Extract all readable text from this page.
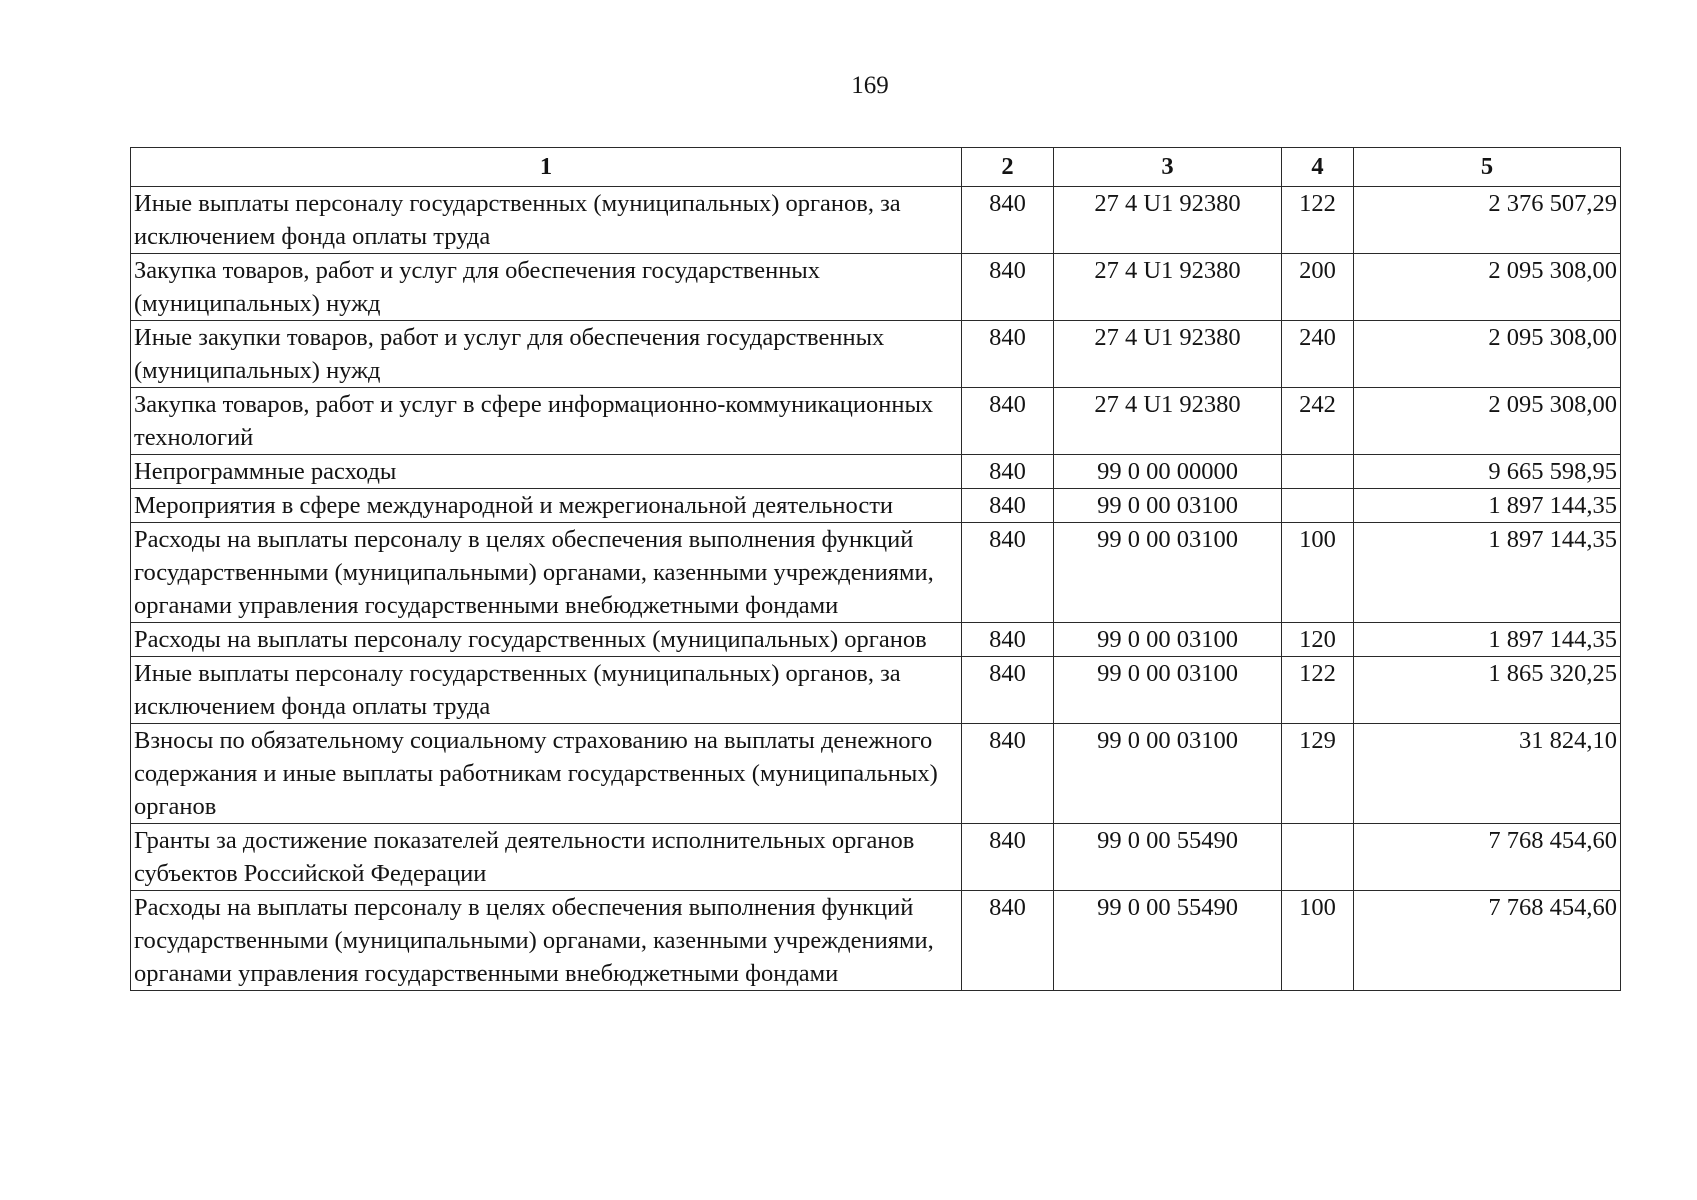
169
1	2	3	4	5
Иные выплаты персоналу государственных (муниципальных) органов, за исключением фонда оплаты труда	840	27 4 U1 92380	122	2 376 507,29
Закупка товаров, работ и услуг для обеспечения государственных (муниципальных) нужд	840	27 4 U1 92380	200	2 095 308,00
Иные закупки товаров, работ и услуг для обеспечения государственных (муниципальных) нужд	840	27 4 U1 92380	240	2 095 308,00
Закупка товаров, работ и услуг в сфере информационно-коммуникационных технологий	840	27 4 U1 92380	242	2 095 308,00
Непрограммные расходы	840	99 0 00 00000		9 665 598,95
Мероприятия в сфере международной и межрегиональной деятельности	840	99 0 00 03100		1 897 144,35
Расходы на выплаты персоналу в целях обеспечения выполнения функций государственными (муниципальными) органами, казенными учреждениями, органами управления государственными внебюджетными фондами	840	99 0 00 03100	100	1 897 144,35
Расходы на выплаты персоналу государственных (муниципальных) органов	840	99 0 00 03100	120	1 897 144,35
Иные выплаты персоналу государственных (муниципальных) органов, за исключением фонда оплаты труда	840	99 0 00 03100	122	1 865 320,25
Взносы по обязательному социальному страхованию на выплаты денежного содержания и иные выплаты работникам государственных (муниципальных) органов	840	99 0 00 03100	129	31 824,10
Гранты за достижение показателей деятельности исполнительных органов субъектов Российской Федерации	840	99 0 00 55490		7 768 454,60
Расходы на выплаты персоналу в целях обеспечения выполнения функций государственными (муниципальными) органами, казенными учреждениями, органами управления государственными внебюджетными фондами	840	99 0 00 55490	100	7 768 454,60
